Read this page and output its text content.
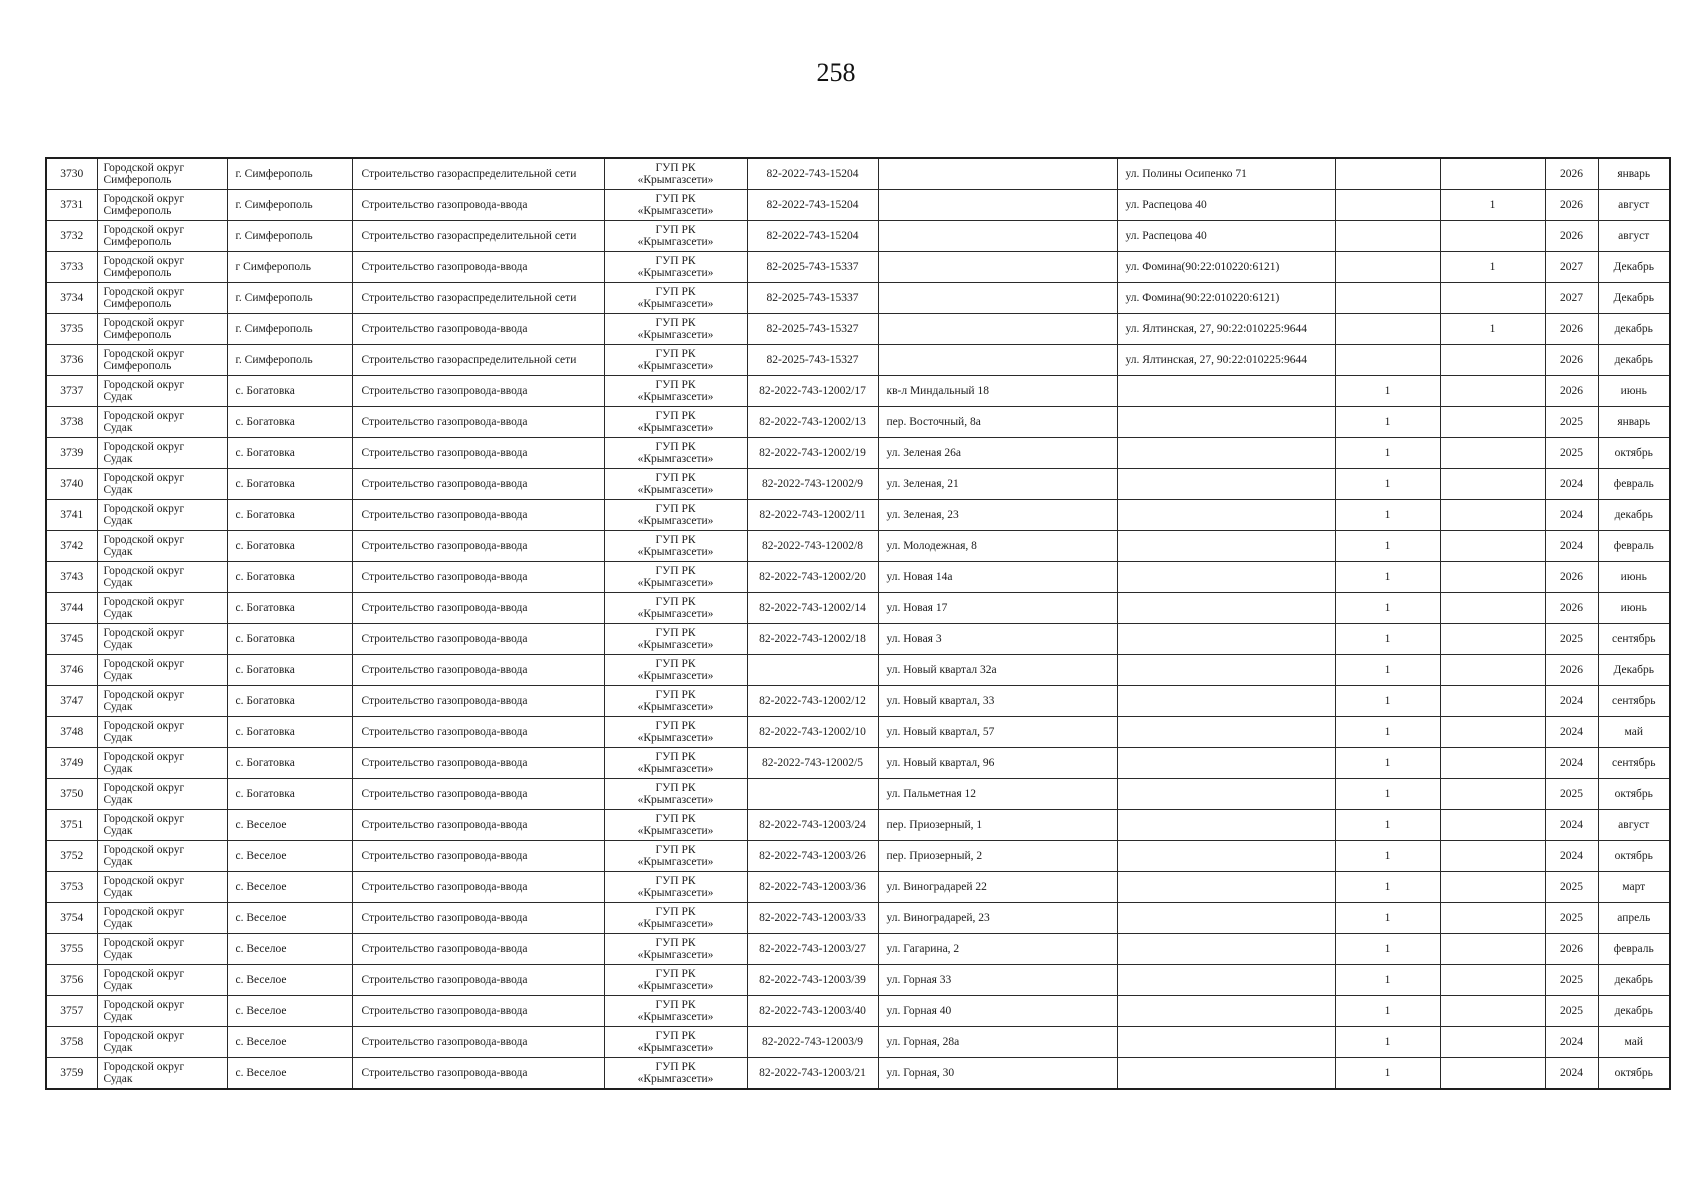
258
3730	Городской округ Симферополь	г. Симферополь	Строительство газораспределительной сети	ГУП РК «Крымгазсети»	82-2022-743-15204		ул. Полины Осипенко 71			2026	январь
3731	Городской округ Симферополь	г. Симферополь	Строительство газопровода-ввода	ГУП РК «Крымгазсети»	82-2022-743-15204		ул. Распецова 40		1	2026	август
3732	Городской округ Симферополь	г. Симферополь	Строительство газораспределительной сети	ГУП РК «Крымгазсети»	82-2022-743-15204		ул. Распецова 40			2026	август
3733	Городской округ Симферополь	г Симферополь	Строительство газопровода-ввода	ГУП РК «Крымгазсети»	82-2025-743-15337		ул. Фомина(90:22:010220:6121)		1	2027	Декабрь
3734	Городской округ Симферополь	г. Симферополь	Строительство газораспределительной сети	ГУП РК «Крымгазсети»	82-2025-743-15337		ул. Фомина(90:22:010220:6121)			2027	Декабрь
3735	Городской округ Симферополь	г. Симферополь	Строительство газопровода-ввода	ГУП РК «Крымгазсети»	82-2025-743-15327		ул. Ялтинская, 27, 90:22:010225:9644		1	2026	декабрь
3736	Городской округ Симферополь	г. Симферополь	Строительство газораспределительной сети	ГУП РК «Крымгазсети»	82-2025-743-15327		ул. Ялтинская, 27, 90:22:010225:9644			2026	декабрь
3737	Городской округ Судак	с. Богатовка	Строительство газопровода-ввода	ГУП РК «Крымгазсети»	82-2022-743-12002/17	кв-л Миндальный 18		1		2026	июнь
3738	Городской округ Судак	с. Богатовка	Строительство газопровода-ввода	ГУП РК «Крымгазсети»	82-2022-743-12002/13	пер. Восточный, 8а		1		2025	январь
3739	Городской округ Судак	с. Богатовка	Строительство газопровода-ввода	ГУП РК «Крымгазсети»	82-2022-743-12002/19	ул. Зеленая 26а		1		2025	октябрь
3740	Городской округ Судак	с. Богатовка	Строительство газопровода-ввода	ГУП РК «Крымгазсети»	82-2022-743-12002/9	ул. Зеленая, 21		1		2024	февраль
3741	Городской округ Судак	с. Богатовка	Строительство газопровода-ввода	ГУП РК «Крымгазсети»	82-2022-743-12002/11	ул. Зеленая, 23		1		2024	декабрь
3742	Городской округ Судак	с. Богатовка	Строительство газопровода-ввода	ГУП РК «Крымгазсети»	82-2022-743-12002/8	ул. Молодежная, 8		1		2024	февраль
3743	Городской округ Судак	с. Богатовка	Строительство газопровода-ввода	ГУП РК «Крымгазсети»	82-2022-743-12002/20	ул. Новая 14а		1		2026	июнь
3744	Городской округ Судак	с. Богатовка	Строительство газопровода-ввода	ГУП РК «Крымгазсети»	82-2022-743-12002/14	ул. Новая 17		1		2026	июнь
3745	Городской округ Судак	с. Богатовка	Строительство газопровода-ввода	ГУП РК «Крымгазсети»	82-2022-743-12002/18	ул. Новая 3		1		2025	сентябрь
3746	Городской округ Судак	с. Богатовка	Строительство газопровода-ввода	ГУП РК «Крымгазсети»		ул. Новый квартал 32а		1		2026	Декабрь
3747	Городской округ Судак	с. Богатовка	Строительство газопровода-ввода	ГУП РК «Крымгазсети»	82-2022-743-12002/12	ул. Новый квартал, 33		1		2024	сентябрь
3748	Городской округ Судак	с. Богатовка	Строительство газопровода-ввода	ГУП РК «Крымгазсети»	82-2022-743-12002/10	ул. Новый квартал, 57		1		2024	май
3749	Городской округ Судак	с. Богатовка	Строительство газопровода-ввода	ГУП РК «Крымгазсети»	82-2022-743-12002/5	ул. Новый квартал, 96		1		2024	сентябрь
3750	Городской округ Судак	с. Богатовка	Строительство газопровода-ввода	ГУП РК «Крымгазсети»		ул. Пальметная 12		1		2025	октябрь
3751	Городской округ Судак	с. Веселое	Строительство газопровода-ввода	ГУП РК «Крымгазсети»	82-2022-743-12003/24	пер. Приозерный, 1		1		2024	август
3752	Городской округ Судак	с. Веселое	Строительство газопровода-ввода	ГУП РК «Крымгазсети»	82-2022-743-12003/26	пер. Приозерный, 2		1		2024	октябрь
3753	Городской округ Судак	с. Веселое	Строительство газопровода-ввода	ГУП РК «Крымгазсети»	82-2022-743-12003/36	ул. Виноградарей 22		1		2025	март
3754	Городской округ Судак	с. Веселое	Строительство газопровода-ввода	ГУП РК «Крымгазсети»	82-2022-743-12003/33	ул. Виноградарей, 23		1		2025	апрель
3755	Городской округ Судак	с. Веселое	Строительство газопровода-ввода	ГУП РК «Крымгазсети»	82-2022-743-12003/27	ул. Гагарина, 2		1		2026	февраль
3756	Городской округ Судак	с. Веселое	Строительство газопровода-ввода	ГУП РК «Крымгазсети»	82-2022-743-12003/39	ул. Горная 33		1		2025	декабрь
3757	Городской округ Судак	с. Веселое	Строительство газопровода-ввода	ГУП РК «Крымгазсети»	82-2022-743-12003/40	ул. Горная 40		1		2025	декабрь
3758	Городской округ Судак	с. Веселое	Строительство газопровода-ввода	ГУП РК «Крымгазсети»	82-2022-743-12003/9	ул. Горная, 28а		1		2024	май
3759	Городской округ Судак	с. Веселое	Строительство газопровода-ввода	ГУП РК «Крымгазсети»	82-2022-743-12003/21	ул. Горная, 30		1		2024	октябрь
